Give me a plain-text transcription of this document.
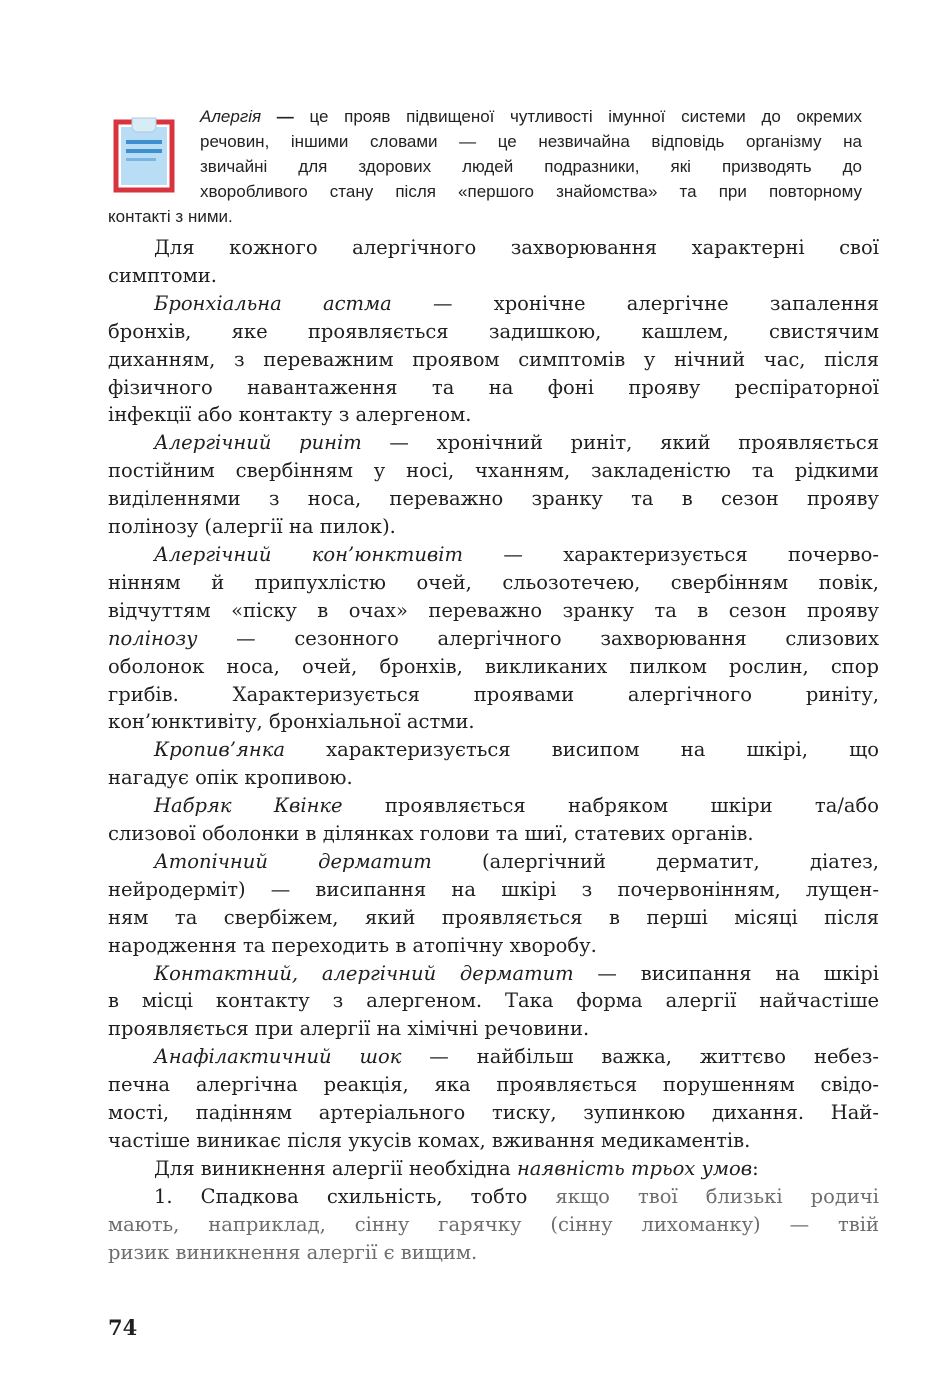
Алергія — це прояв підвищеної чутливості імунної системи до окремих
речовин, іншими словами — це незвичайна відповідь організму на
звичайні для здорових людей подразники, які призводять до
хворобливого стану після «першого знайомства» та при повторному
контакті з ними.
Для кожного алергічного захворювання характерні свої
симптоми.
Бронхіальна астма — хронічне алергічне запалення
бронхів, яке проявляється задишкою, кашлем, свистячим
диханням, з переважним проявом симптомів у нічний час, після
фізичного навантаження та на фоні прояву респіраторної
інфекції або контакту з алергеном.
Алергічний риніт — хронічний риніт, який проявляється
постійним свербінням у носі, чханням, закладеністю та рідкими
виділеннями з носа, переважно зранку та в сезон прояву
полінозу (алергії на пилок).
Алергічний кон’юнктивіт — характеризується почерво-
нінням й припухлістю очей, сльозотечею, свербінням повік,
відчуттям «піску в очах» переважно зранку та в сезон прояву
полінозу — сезонного алергічного захворювання слизових
оболонок носа, очей, бронхів, викликаних пилком рослин, спор
грибів. Характеризується проявами алергічного риніту,
кон’юнктивіту, бронхіальної астми.
Кропив’янка характеризується висипом на шкірі, що
нагадує опік кропивою.
Набряк Квінке проявляється набряком шкіри та/або
слизової оболонки в ділянках голови та шиї, статевих органів.
Атопічний дерматит (алергічний дерматит, діатез,
нейродерміт) — висипання на шкірі з почервонінням, лущен-
ням та свербіжем, який проявляється в перші місяці після
народження та переходить в атопічну хворобу.
Контактний, алергічний дерматит — висипання на шкірі
в місці контакту з алергеном. Така форма алергії найчастіше
проявляється при алергії на хімічні речовини.
Анафілактичний шок — найбільш важка, життєво небез-
печна алергічна реакція, яка проявляється порушенням свідо-
мості, падінням артеріального тиску, зупинкою дихання. Най-
частіше виникає після укусів комах, вживання медикаментів.
Для виникнення алергії необхідна наявність трьох умов:
1. Спадкова схильність, тобто якщо твої близькі родичі
мають, наприклад, сінну гарячку (сінну лихоманку) — твій
ризик виникнення алергії є вищим.
74
